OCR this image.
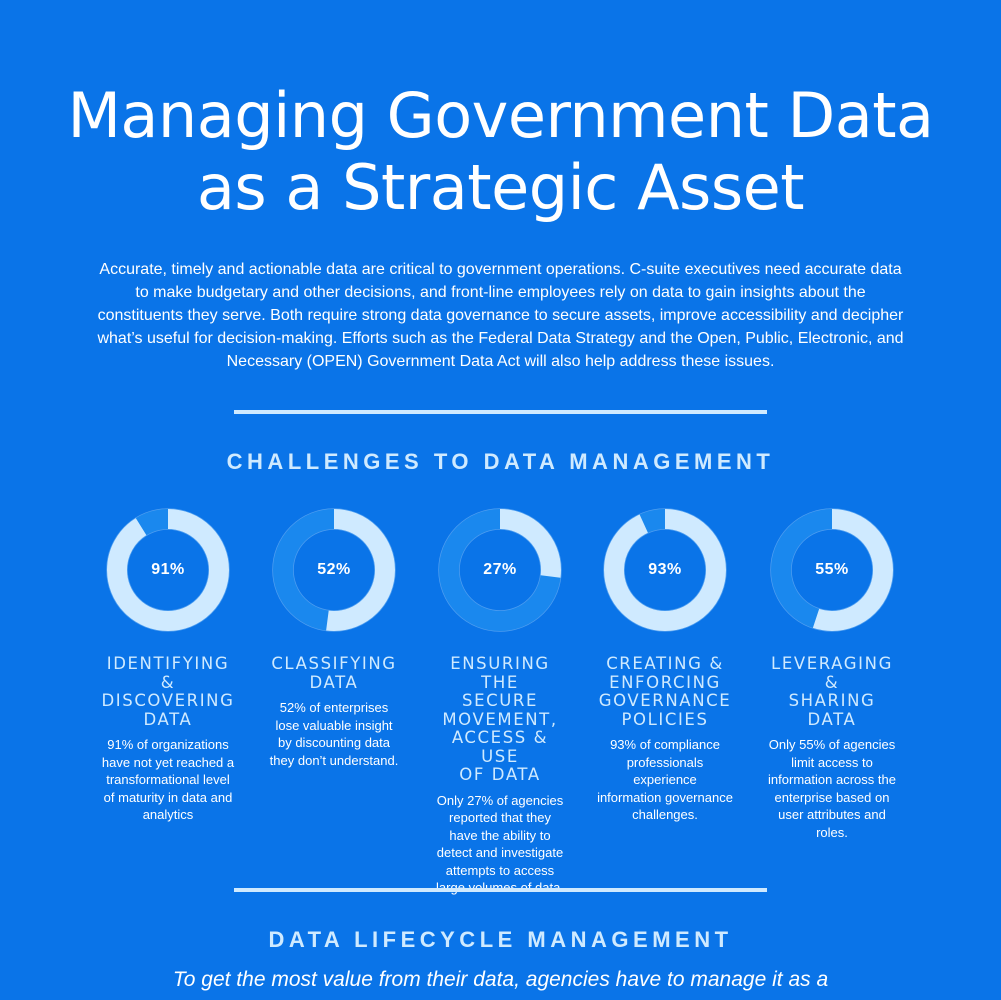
Managing Government Data
as a Strategic Asset
Accurate, timely and actionable data are critical to government operations. C-suite executives need accurate data to make budgetary and other decisions, and front-line employees rely on data to gain insights about the constituents they serve. Both require strong data governance to secure assets, improve accessibility and decipher what’s useful for decision-making. Efforts such as the Federal Data Strategy and the Open, Public, Electronic, and Necessary (OPEN) Government Data Act will also help address these issues.
CHALLENGES TO DATA MANAGEMENT
91%
IDENTIFYING &
DISCOVERING
DATA
91% of organizations
have not yet reached a
transformational level
of maturity in data and
analytics
52%
CLASSIFYING
DATA
52% of enterprises
lose valuable insight
by discounting data
they don’t understand.
27%
ENSURING THE
SECURE
MOVEMENT,
ACCESS & USE
OF DATA
Only 27% of agencies
reported that they
have the ability to
detect and investigate
attempts to access

93%
CREATING &
ENFORCING
GOVERNANCE
POLICIES
93% of compliance
professionals experience
information governance
challenges.
55%
LEVERAGING &
SHARING DATA
Only 55% of agencies
limit access to
information across the
enterprise based on
user attributes and
roles.
DATA LIFECYCLE MANAGEMENT
To get the most value from their data, agencies have to manage it as a
